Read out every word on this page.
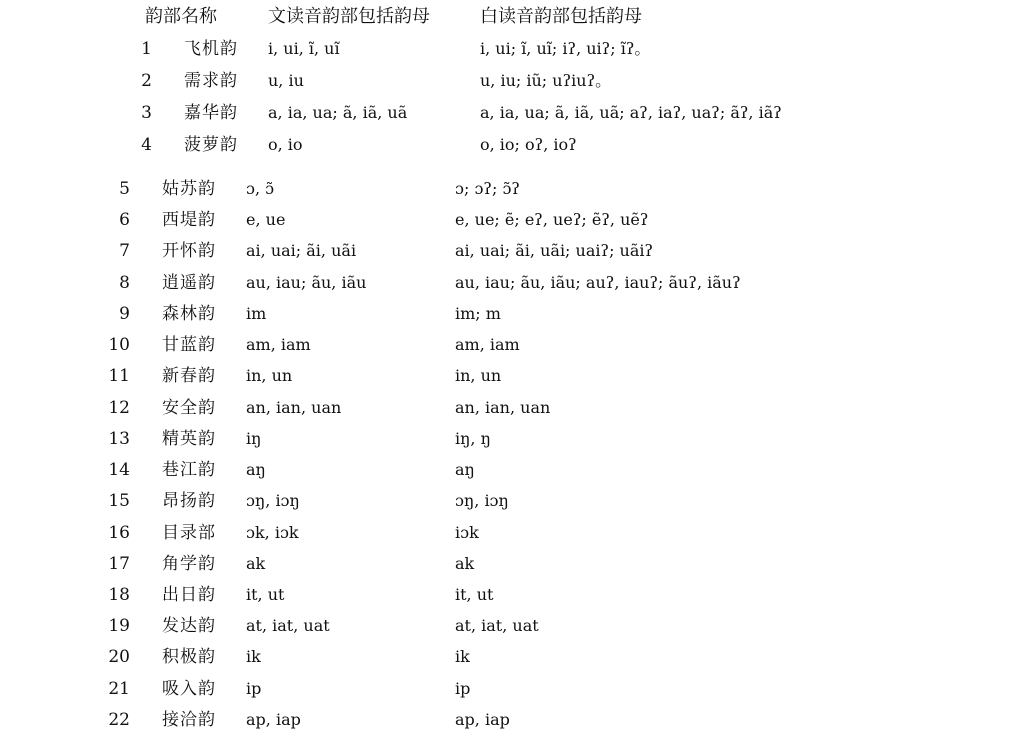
韵部名称	文读音韵部包括韵母	白读音韵部包括韵母
1 飞机韵 i, ui, ĩ, uĩ	i, ui; ĩ, uĩ; iʔ, uiʔ; ĩʔ。
2 需求韵 u, iu	u, iu; iũ; uʔiuʔ。
3 嘉华韵 a, ia, ua; ã, iã, uã	a, ia, ua; ã, iã, uã; aʔ, iaʔ, uaʔ; ãʔ, iãʔ
4 菠萝韵 o, io	o, io; oʔ, ioʔ
5 姑苏韵 ɔ, ɔ̃	ɔ; ɔʔ; ɔ̃ʔ
6 西堤韵 e, ue	e, ue; ẽ; eʔ, ueʔ; ẽʔ, uẽʔ
7 开怀韵 ai, uai; ãi, uãi	ai, uai; ãi, uãi; uaiʔ; uãiʔ
8 逍遥韵 au, iau; ãu, iãu	au, iau; ãu, iãu; auʔ, iauʔ; ãuʔ, iãuʔ
9 森林韵 im	im; m
10 甘蓝韵 am, iam	am, iam
11 新春韵 in, un	in, un
12 安全韵 an, ian, uan	an, ian, uan
13 精英韵 iŋ	iŋ, ŋ
14 巷江韵 aŋ	aŋ
15 昂扬韵 ɔŋ, iɔŋ	ɔŋ, iɔŋ
16 目录部 ɔk, iɔk	iɔk
17 角学韵 ak	ak
18 出日韵 it, ut	it, ut
19 发达韵 at, iat, uat	at, iat, uat
20 积极韵 ik	ik
21 吸入韵 ip	ip
22 接洽韵 ap, iap	ap, iap
